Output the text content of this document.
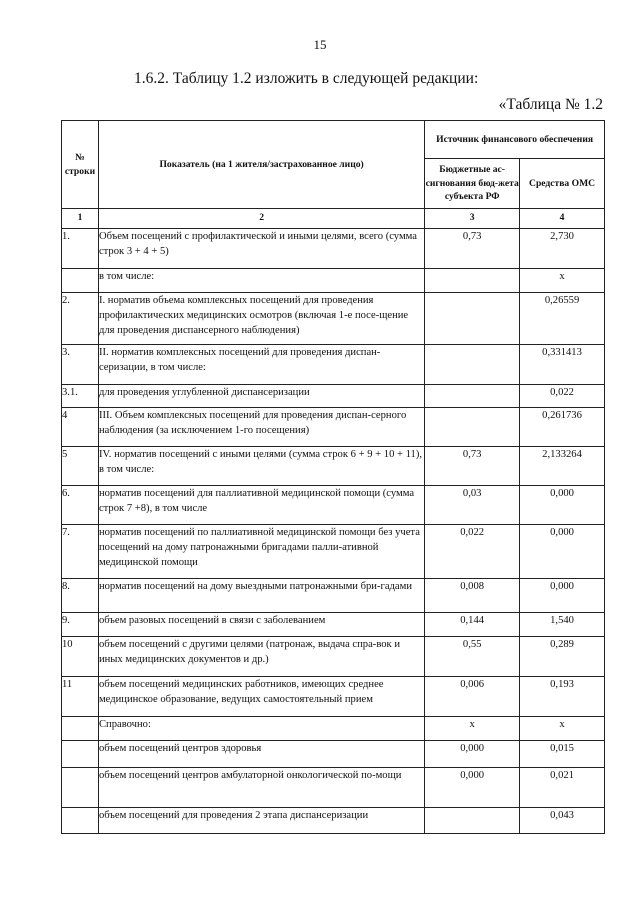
15
1.6.2. Таблицу 1.2 изложить в следующей редакции:
«Таблица № 1.2
№ строки	Показатель (на 1 жителя/застрахованное лицо)	Источник финансового обеспечения	
		Бюджетные ас-сигнования бюд-жета субъекта РФ	Средства ОМС
1	2	3	4
1.	Объем посещений с профилактической и иными целями, всего (сумма строк 3 + 4 + 5)	0,73	2,730
	в том числе:		x
2.	I. норматив объема комплексных посещений для проведения профилактических медицинских осмотров (включая 1-е посе-щение для проведения диспансерного наблюдения)		0,26559
3.	II. норматив комплексных посещений для проведения диспан-серизации, в том числе:		0,331413
3.1.	для проведения углубленной диспансеризации		0,022
4	III. Объем комплексных посещений для проведения диспан-серного наблюдения (за исключением 1-го посещения)		0,261736
5	IV. норматив посещений с иными целями (сумма строк 6 + 9 + 10 + 11), в том числе:	0,73	2,133264
6.	норматив посещений для паллиативной медицинской помощи (сумма строк 7 +8), в том числе	0,03	0,000
7.	норматив посещений по паллиативной медицинской помощи без учета посещений на дому патронажными бригадами палли-ативной медицинской помощи	0,022	0,000
8.	норматив посещений на дому выездными патронажными бри-гадами	0,008	0,000
9.	объем разовых посещений в связи с заболеванием	0,144	1,540
10	объем посещений с другими целями (патронаж, выдача спра-вок и иных медицинских документов и др.)	0,55	0,289
11	объем посещений медицинских работников, имеющих среднее медицинское образование, ведущих самостоятельный прием	0,006	0,193
	Справочно:	x	x
	объем посещений центров здоровья	0,000	0,015
	объем посещений центров амбулаторной онкологической по-мощи	0,000	0,021
	объем посещений для проведения 2 этапа диспансеризации		0,043
